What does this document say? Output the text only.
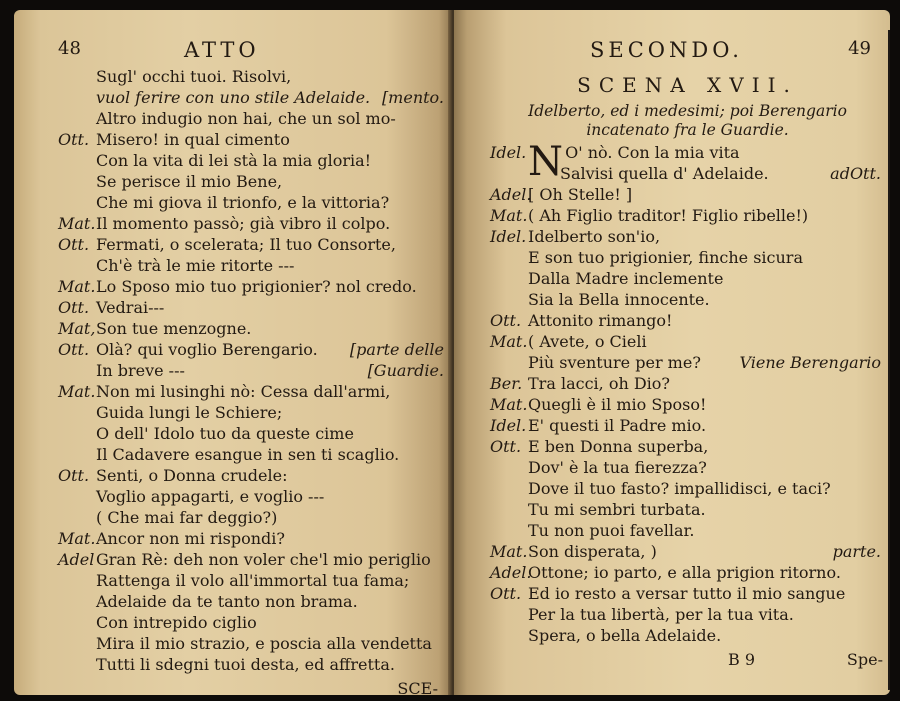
48	ATTO
Sugl' occhi tuoi. Risolvi,
vuol ferire con uno stile Adelaide. [mento.
Altro indugio non hai, che un sol mo-
Ott. Misero! in qual cimento
Con la vita di lei stà la mia gloria!
Se perisce il mio Bene,
Che mi giova il trionfo, e la vittoria?
Mat.Il momento passò; già vibro il colpo.
Ott. Fermati, o scelerata; Il tuo Consorte,
Ch'è trà le mie ritorte ---
Mat.Lo Sposo mio tuo prigionier? nol credo.
Ott. Vedrai---
Mat,Son tue menzogne.
Ott. Olà? qui voglio Berengario. [parte delle
In breve ---	[Guardie.
Mat.Non mi lusinghi nò: Cessa dall'armi,
Guida lungi le Schiere;
O dell' Idolo tuo da queste cime
Il Cadavere esangue in sen ti scaglio.
Ott. Senti, o Donna crudele:
Voglio appagarti, e voglio ---
( Che mai far deggio?)
Mat.Ancor non mi rispondi?
Adel Gran Rè: deh non voler che'l mio periglio
Rattenga il volo all'immortal tua fama;
Adelaide da te tanto non brama.
Con intrepido ciglio
Mira il mio strazio, e poscia alla vendetta
Tutti li sdegni tuoi desta, ed affretta.
SCE-
SECONDO.	49
SCENA XVII.
Idelberto, ed i medesimi; poi Berengario incatenato fra le Guardie.
Idel. N O' nò. Con la mia vita
Salvisi quella d' Adelaide.	adOtt.
Adel.[ Oh Stelle! ]
Mat.( Ah Figlio traditor! Figlio ribelle!)
Idel. Idelberto son'io,
E son tuo prigionier, finche sicura
Dalla Madre inclemente
Sia la Bella innocente.
Ott. Attonito rimango!
Mat.( Avete, o Cieli
Più sventure per me? Viene Berengario
Ber. Tra lacci, oh Dio?
Mat.Quegli è il mio Sposo!
Idel. E' questi il Padre mio.
Ott. E ben Donna superba,
Dov' è la tua fierezza?
Dove il tuo fasto? impallidisci, e taci?
Tu mi sembri turbata.
Tu non puoi favellar.
Mat.Son disperata, )	parte.
Adel.Ottone; io parto, e alla prigion ritorno.
Ott. Ed io resto a versar tutto il mio sangue
Per la tua libertà, per la tua vita.
Spera, o bella Adelaide.
B 9	Spe-
